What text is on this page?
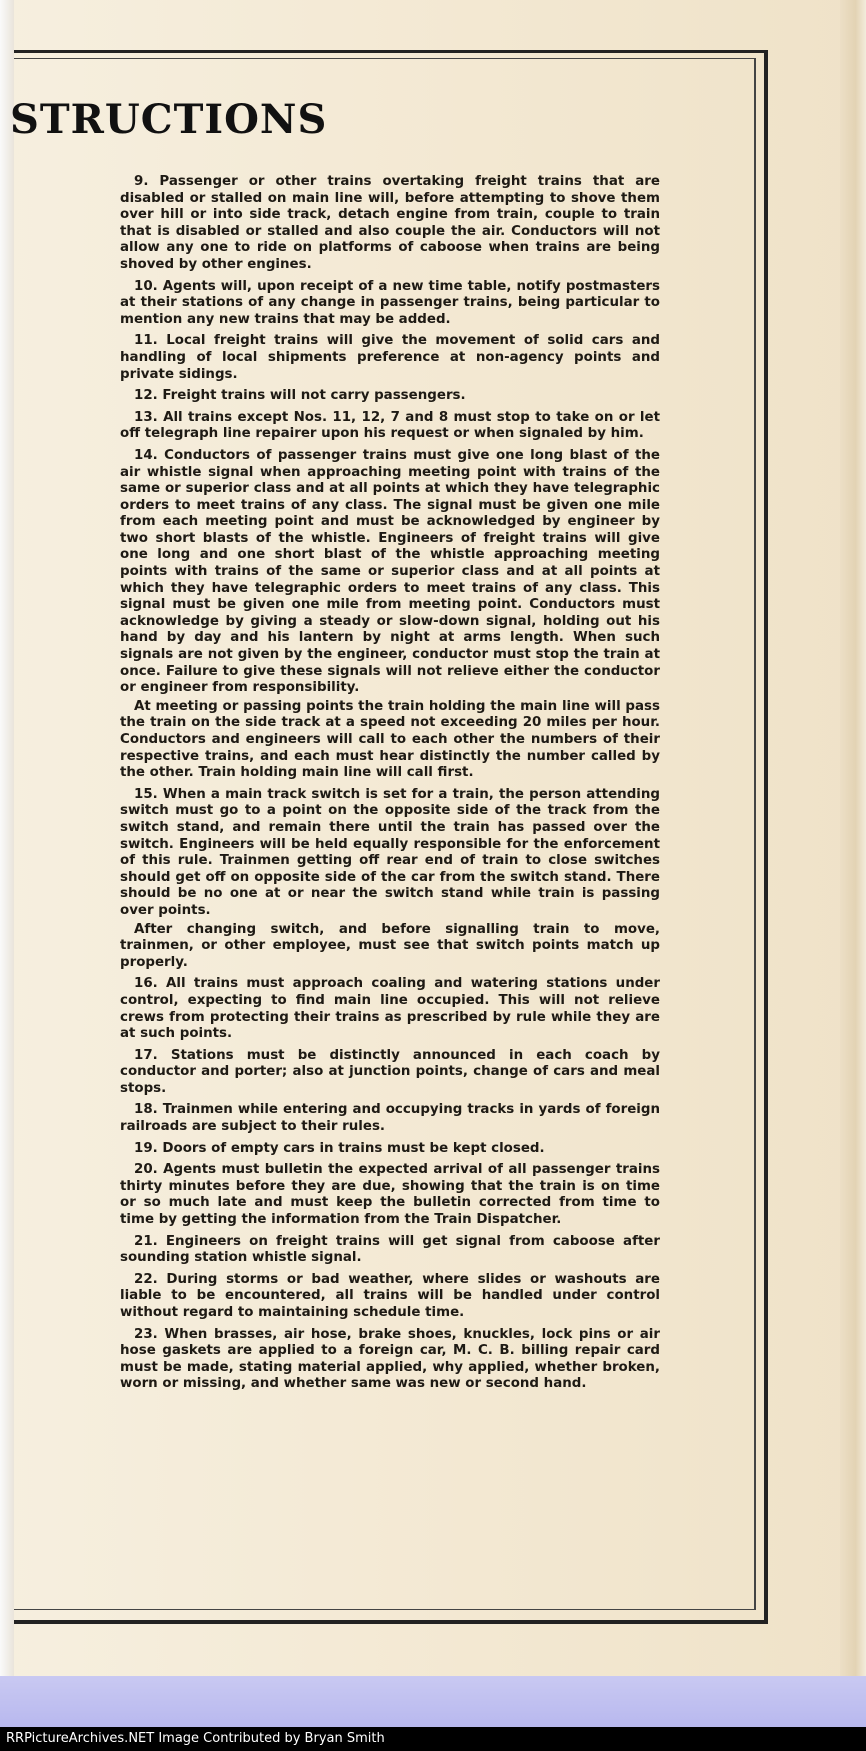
STRUCTIONS

9. Passenger or other trains overtaking freight trains that are disabled or stalled on main line will, before attempting to shove them over hill or into side track, detach engine from train, couple to train that is disabled or stalled and also couple the air. Conductors will not allow any one to ride on platforms of caboose when trains are being shoved by other engines.

10. Agents will, upon receipt of a new time table, notify postmasters at their stations of any change in passenger trains, being particular to mention any new trains that may be added.

11. Local freight trains will give the movement of solid cars and handling of local shipments preference at non-agency points and private sidings.

12. Freight trains will not carry passengers.

13. All trains except Nos. 11, 12, 7 and 8 must stop to take on or let off telegraph line repairer upon his request or when signaled by him.

14. Conductors of passenger trains must give one long blast of the air whistle signal when approaching meeting point with trains of the same or superior class and at all points at which they have telegraphic orders to meet trains of any class. The signal must be given one mile from each meeting point and must be acknowledged by engineer by two short blasts of the whistle. Engineers of freight trains will give one long and one short blast of the whistle approaching meeting points with trains of the same or superior class and at all points at which they have telegraphic orders to meet trains of any class. This signal must be given one mile from meeting point. Conductors must acknowledge by giving a steady or slow-down signal, holding out his hand by day and his lantern by night at arms length. When such signals are not given by the engineer, conductor must stop the train at once. Failure to give these signals will not relieve either the conductor or engineer from responsibility.

At meeting or passing points the train holding the main line will pass the train on the side track at a speed not exceeding 20 miles per hour. Conductors and engineers will call to each other the numbers of their respective trains, and each must hear distinctly the number called by the other. Train holding main line will call first.

15. When a main track switch is set for a train, the person attending switch must go to a point on the opposite side of the track from the switch stand, and remain there until the train has passed over the switch. Engineers will be held equally responsible for the enforcement of this rule. Trainmen getting off rear end of train to close switches should get off on opposite side of the car from the switch stand. There should be no one at or near the switch stand while train is passing over points.

After changing switch, and before signalling train to move, trainmen, or other employee, must see that switch points match up properly.

16. All trains must approach coaling and watering stations under control, expecting to find main line occupied. This will not relieve crews from protecting their trains as prescribed by rule while they are at such points.

17. Stations must be distinctly announced in each coach by conductor and porter; also at junction points, change of cars and meal stops.

18. Trainmen while entering and occupying tracks in yards of foreign railroads are subject to their rules.

19. Doors of empty cars in trains must be kept closed.

20. Agents must bulletin the expected arrival of all passenger trains thirty minutes before they are due, showing that the train is on time or so much late and must keep the bulletin corrected from time to time by getting the information from the Train Dispatcher.

21. Engineers on freight trains will get signal from caboose after sounding station whistle signal.

22. During storms or bad weather, where slides or washouts are liable to be encountered, all trains will be handled under control without regard to maintaining schedule time.

23. When brasses, air hose, brake shoes, knuckles, lock pins or air hose gaskets are applied to a foreign car, M. C. B. billing repair card must be made, stating material applied, why applied, whether broken, worn or missing, and whether same was new or second hand.

RRPictureArchives.NET Image Contributed by Bryan Smith
